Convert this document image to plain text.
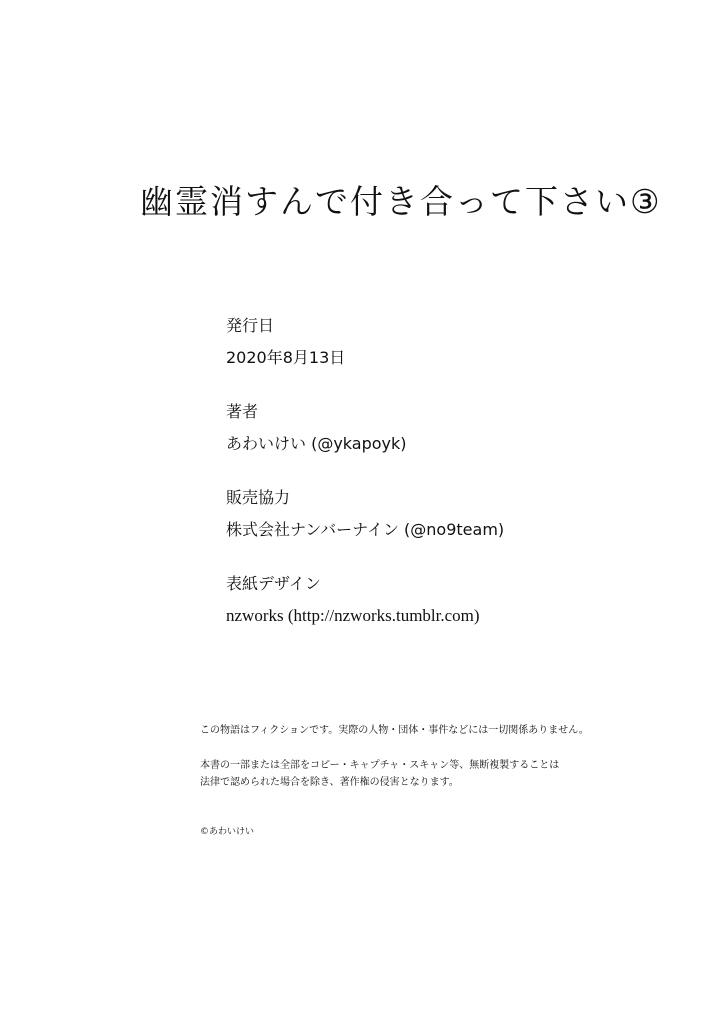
幽霊消すんで付き合って下さい③
発行日
2020年8月13日
著者
あわいけい (@ykapoyk)
販売協力
株式会社ナンバーナイン (@no9team)
表紙デザイン
nzworks (http://nzworks.tumblr.com)
この物語はフィクションです。実際の人物・団体・事件などには一切関係ありません。
本書の一部または全部をコピー・キャプチャ・スキャン等、無断複製することは
法律で認められた場合を除き、著作権の侵害となります。
©あわいけい
